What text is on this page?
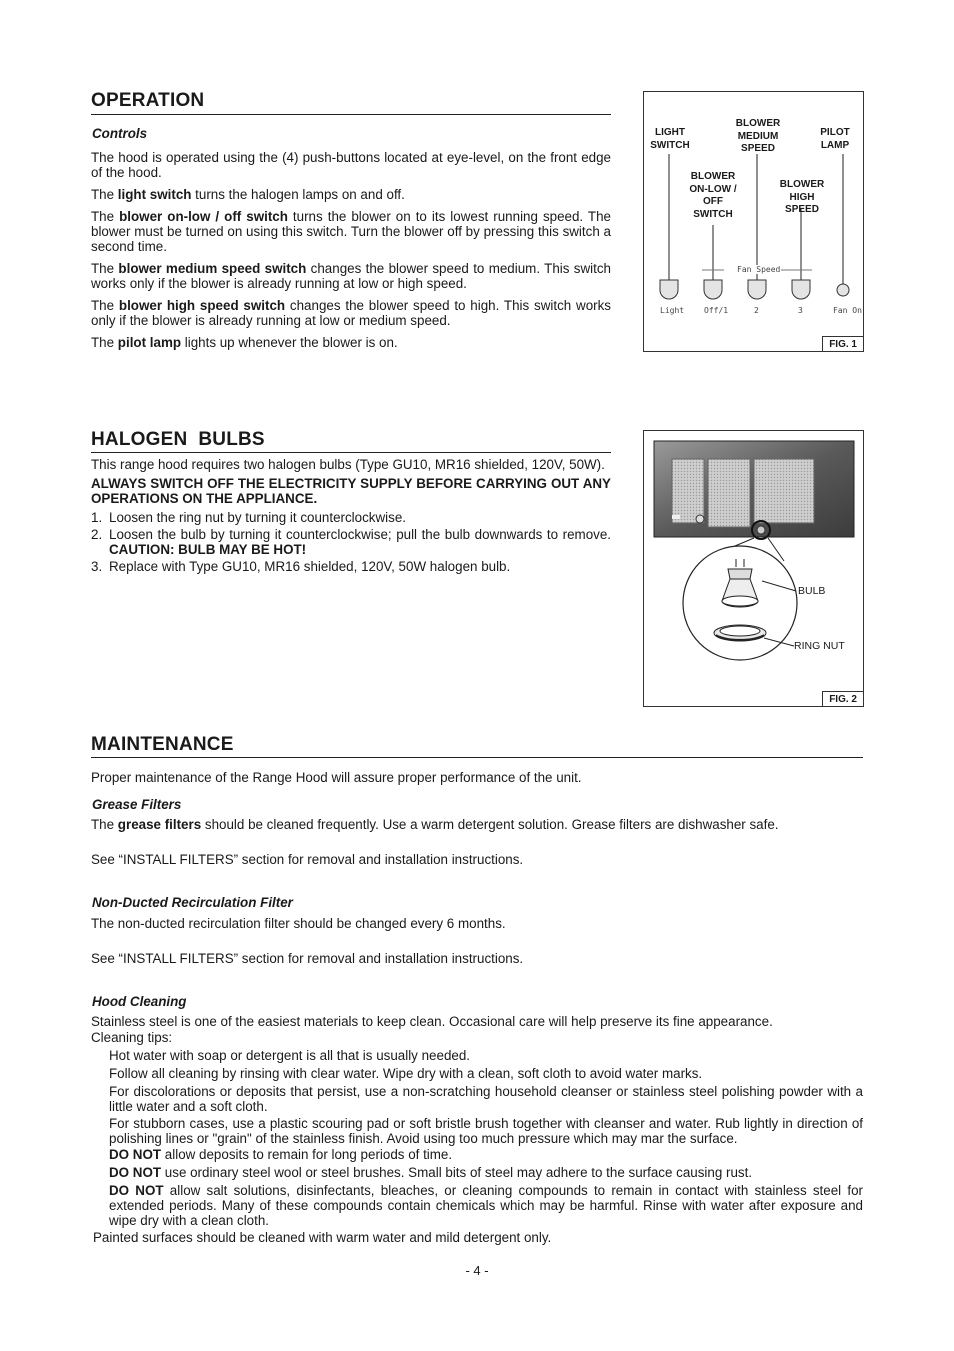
OPERATION
Controls

The hood is operated using the (4) push-buttons located at eye-level, on the front edge of the hood.

The light switch turns the halogen lamps on and off.

The blower on-low / off switch turns the blower on to its lowest running speed. The blower must be turned on using this switch. Turn the blower off by pressing this switch a second time.

The blower medium speed switch changes the blower speed to medium. This switch works only if the blower is already running at low or high speed.

The blower high speed switch changes the blower speed to high. This switch works only if the blower is already running at low or medium speed.

The pilot lamp lights up whenever the blower is on.

LIGHT
SWITCH
BLOWER
MEDIUM
SPEED
PILOT
LAMP
BLOWER
ON-LOW /
OFF
SWITCH
BLOWER
HIGH
SPEED
Fan Speed
Light Off/1	2	3	Fan On
FIG. 1
HALOGEN  BULBS

This range hood requires two halogen bulbs (Type GU10, MR16 shielded, 120V, 50W).

ALWAYS SWITCH OFF THE ELECTRICITY SUPPLY BEFORE CARRYING OUT ANY OPERATIONS ON THE APPLIANCE.

1. Loosen the ring nut by turning it counterclockwise.
2. Loosen the bulb by turning it counterclockwise; pull the bulb downwards to remove. CAUTION: BULB MAY BE HOT!
3. Replace with Type GU10, MR16 shielded, 120V, 50W halogen bulb.
BULB
RING NUT
FIG. 2
MAINTENANCE
Proper maintenance of the Range Hood will assure proper performance of the unit.
Grease Filters
The grease filters should be cleaned frequently. Use a warm detergent solution. Grease filters are dishwasher safe.
See “INSTALL FILTERS” section for removal and installation instructions.
Non-Ducted Recirculation Filter
The non-ducted recirculation filter should be changed every 6 months.
See “INSTALL FILTERS” section for removal and installation instructions.
Hood Cleaning
Stainless steel is one of the easiest materials to keep clean. Occasional care will help preserve its fine appearance.
Cleaning tips:
Hot water with soap or detergent is all that is usually needed.
Follow all cleaning by rinsing with clear water. Wipe dry with a clean, soft cloth to avoid water marks.
For discolorations or deposits that persist, use a non-scratching household cleanser or stainless steel polishing powder with a little water and a soft cloth.
For stubborn cases, use a plastic scouring pad or soft bristle brush together with cleanser and water. Rub lightly in direction of polishing lines or "grain" of the stainless finish. Avoid using too much pressure which may mar the surface.
DO NOT allow deposits to remain for long periods of time.
DO NOT use ordinary steel wool or steel brushes. Small bits of steel may adhere to the surface causing rust.
DO NOT allow salt solutions, disinfectants, bleaches, or cleaning compounds to remain in contact with stainless steel for extended periods. Many of these compounds contain chemicals which may be harmful. Rinse with water after exposure and wipe dry with a clean cloth.
Painted surfaces should be cleaned with warm water and mild detergent only.
- 4 -
